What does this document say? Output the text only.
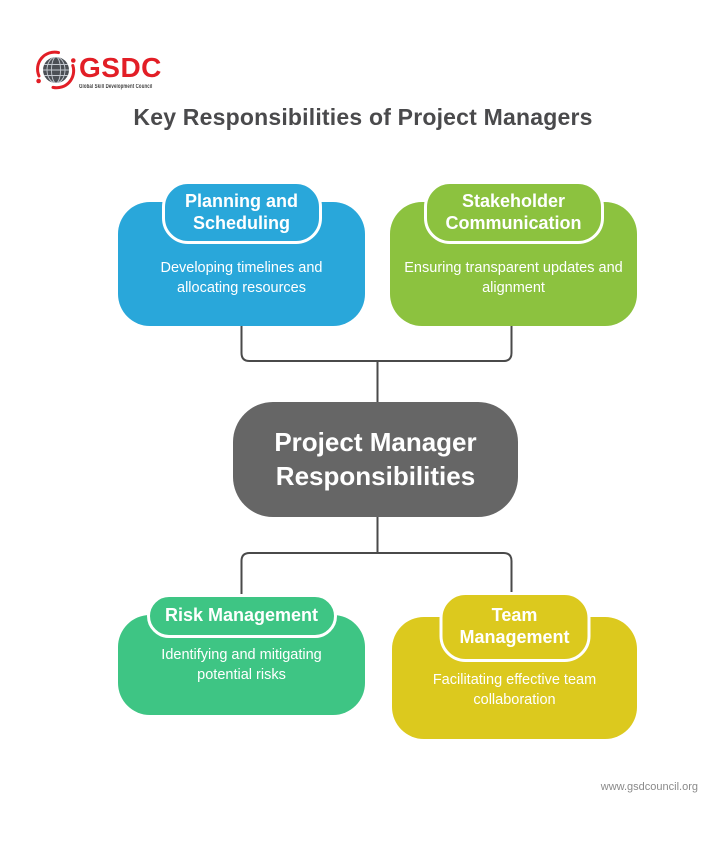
GSDC
Global Skill Development Council
Key Responsibilities of Project Managers

Developing timelines and allocating resources

Planning and Scheduling

Ensuring transparent updates and alignment

Stakeholder Communication
Project Manager Responsibilities

Identifying and mitigating potential risks

Risk Management

Facilitating effective team collaboration

Team Management
www.gsdcouncil.org
